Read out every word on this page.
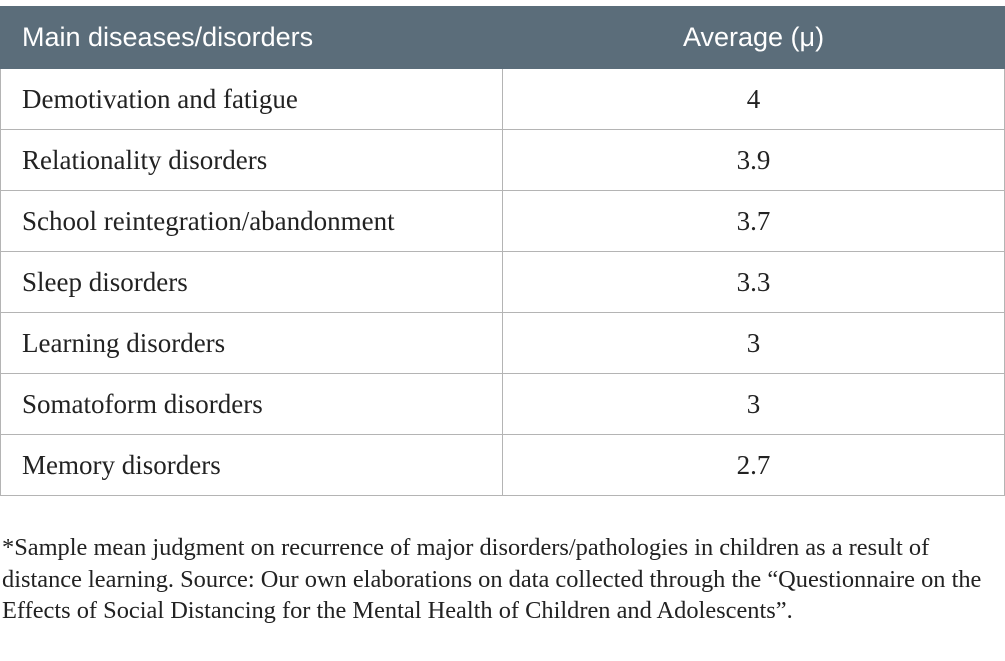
Main diseases/disorders	Average (μ)
Demotivation and fatigue	4
Relationality disorders	3.9
School reintegration/abandonment	3.7
Sleep disorders	3.3
Learning disorders	3
Somatoform disorders	3
Memory disorders	2.7

*Sample mean judgment on recurrence of major disorders/pathologies in children as a result of distance learning. Source: Our own elaborations on data collected through the “Questionnaire on the Effects of Social Distancing for the Mental Health of Children and Adolescents”.
